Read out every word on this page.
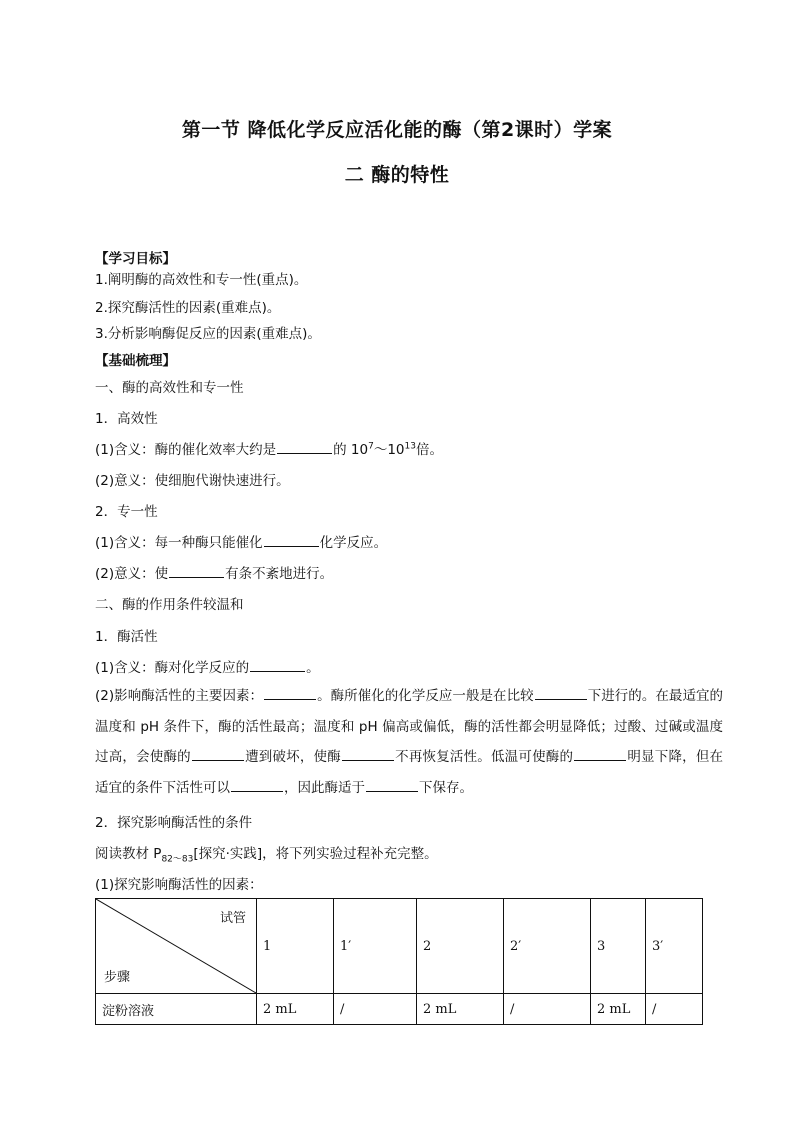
第一节 降低化学反应活化能的酶（第2课时）学案
二 酶的特性
【学习目标】
1.阐明酶的高效性和专一性(重点)。
2.探究酶活性的因素(重难点)。
3.分析影响酶促反应的因素(重难点)。
【基础梳理】
一、酶的高效性和专一性
1．高效性
(1)含义：酶的催化效率大约是	的 $10^7\sim 10^{13}$倍。
(2)意义：使细胞代谢快速进行。
2．专一性
(1)含义：每一种酶只能催化	化学反应。
(2)意义：使	有条不紊地进行。
二、酶的作用条件较温和
1．酶活性
(1)含义：酶对化学反应的	。
(2)影响酶活性的主要因素：	。酶所催化的化学反应一般是在比较	下进行的。在最适宜的温度和 pH 条件下，酶的活性最高；温度和 pH 偏高或偏低，酶的活性都会明显降低；过酸、过碱或温度过高，会使酶的	遭到破坏，使酶	不再恢复活性。低温可使酶的	明显下降，但在适宜的条件下活性可以	，因此酶适于	下保存。
2．探究影响酶活性的条件
阅读教材 $P_{82\sim 83}$[探究·实践]，将下列实验过程补充完整。
(1)探究影响酶活性的因素：
试管
步骤	1	1′	2	2′	3	3′
淀粉溶液	2 mL	/	2 mL	/	2 mL	/
